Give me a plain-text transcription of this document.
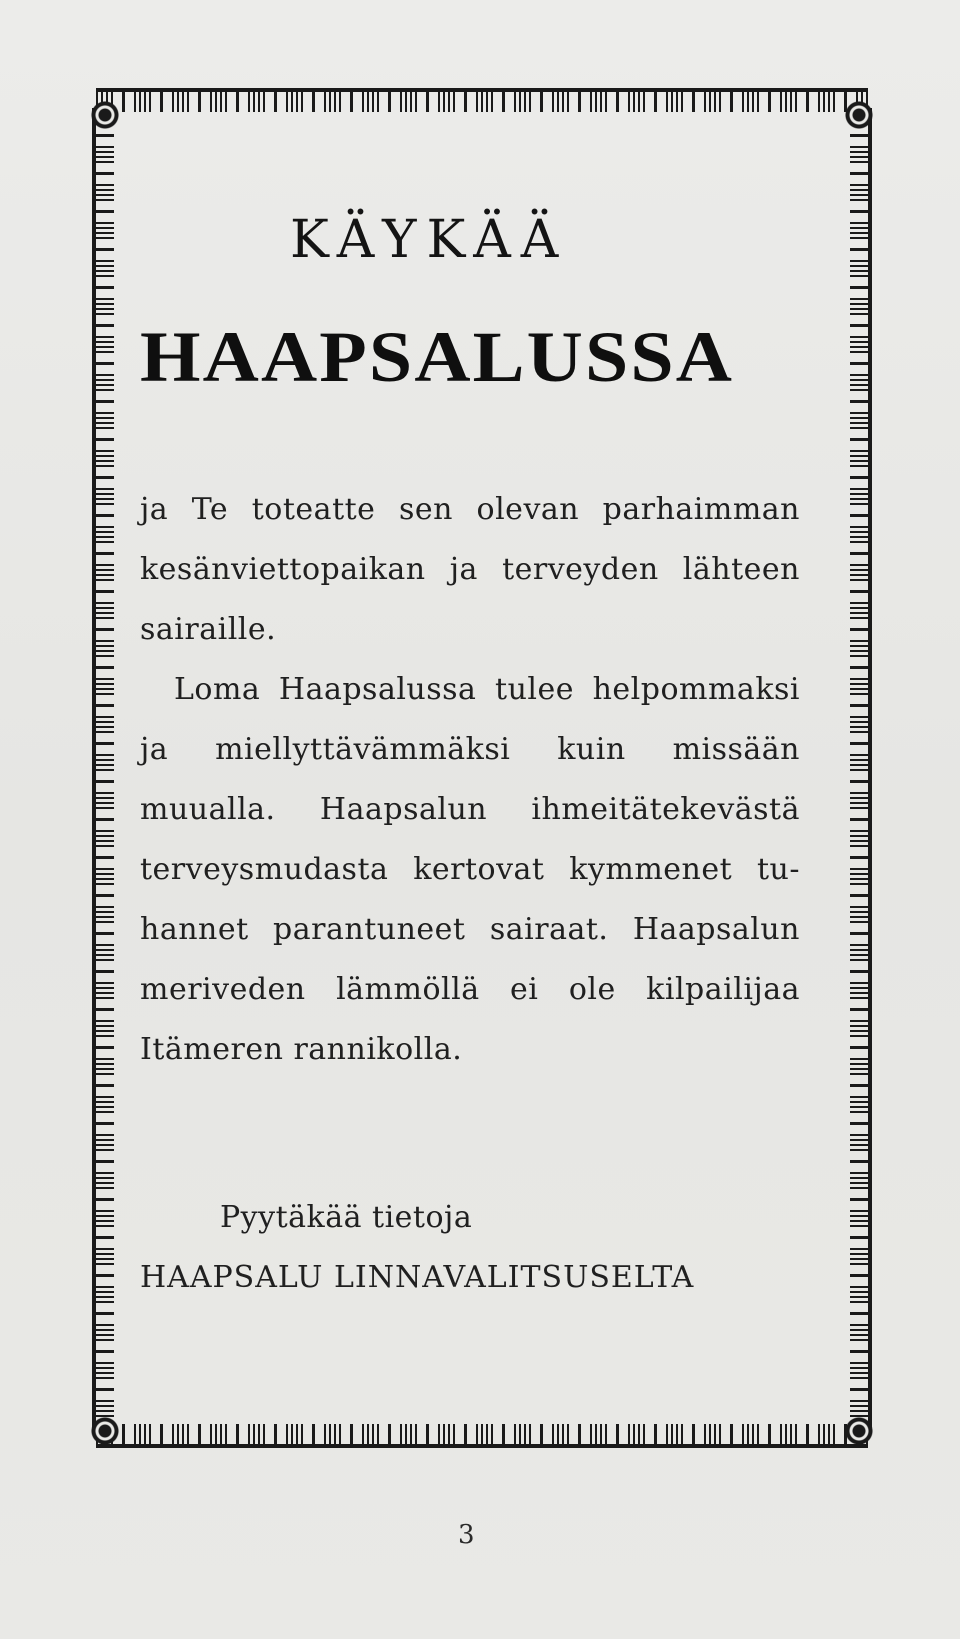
KÄYKÄÄ
HAAPSALUSSA
ja Te toteatte sen olevan parhaimman
kesänviettopaikan ja terveyden lähteen
sairaille.
Loma Haapsalussa tulee helpommaksi
ja miellyttävämmäksi kuin missään
muualla. Haapsalun ihmeitätekevästä
terveysmudasta kertovat kymmenet tu-
hannet parantuneet sairaat. Haapsalun
meriveden lämmöllä ei ole kilpailijaa
Itämeren rannikolla.
Pyytäkää tietoja
HAAPSALU LINNAVALITSUSELTA
3
